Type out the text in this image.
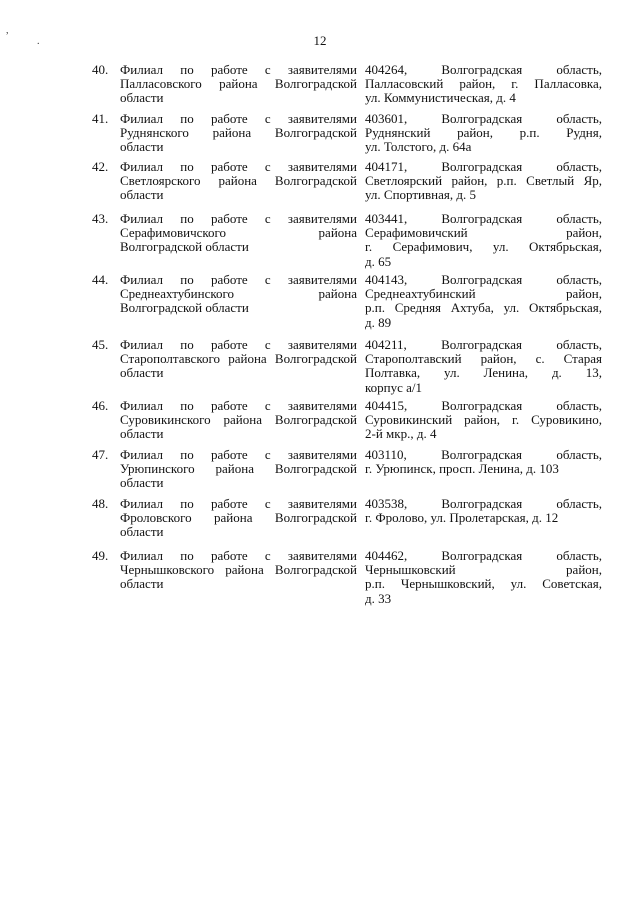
,
.	12
40. Филиал по работе с заявителями
Палласовского района Волгоградской
области
404264, Волгоградская область,
Палласовский район, г. Палласовка,
ул. Коммунистическая, д. 4
41. Филиал по работе с заявителями
Руднянского района Волгоградской
области
403601, Волгоградская область,
Руднянский район, р.п. Рудня,
ул. Толстого, д. 64а
42. Филиал по работе с заявителями
Светлоярского района Волгоградской
области
404171, Волгоградская область,
Светлоярский район, р.п. Светлый Яр,
ул. Спортивная, д. 5
43. Филиал по работе с заявителями
Серафимовичского района
Волгоградской области
403441, Волгоградская область,
Серафимовичский район,
г. Серафимович, ул. Октябрьская,
д. 65
44. Филиал по работе с заявителями
Среднеахтубинского района
Волгоградской области
404143, Волгоградская область,
Среднеахтубинский район,
р.п. Средняя Ахтуба, ул. Октябрьская,
д. 89
45. Филиал по работе с заявителями
Старополтавского района Волгоградской
области
404211, Волгоградская область,
Старополтавский район, с. Старая
Полтавка, ул. Ленина, д. 13,
корпус а/1
46. Филиал по работе с заявителями
Суровикинского района Волгоградской
области
404415, Волгоградская область,
Суровикинский район, г. Суровикино,
2-й мкр., д. 4
47. Филиал по работе с заявителями
Урюпинского района Волгоградской
области
403110, Волгоградская область,
г. Урюпинск, просп. Ленина, д. 103
48. Филиал по работе с заявителями
Фроловского района Волгоградской
области
403538, Волгоградская область,
г. Фролово, ул. Пролетарская, д. 12
49. Филиал по работе с заявителями
Чернышковского района Волгоградской
области
404462, Волгоградская область,
Чернышковский район,
р.п. Чернышковский, ул. Советская,
д. 33
